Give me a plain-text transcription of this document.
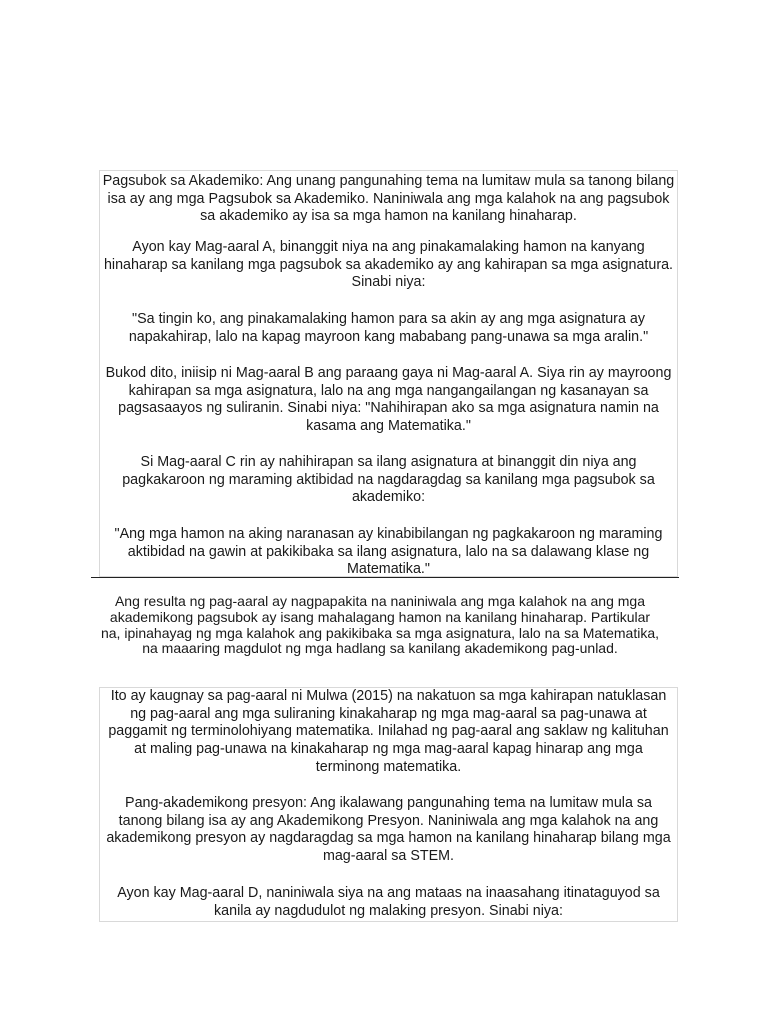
Pagsubok sa Akademiko: Ang unang pangunahing tema na lumitaw mula sa tanong bilang isa ay ang mga Pagsubok sa Akademiko. Naniniwala ang mga kalahok na ang pagsubok sa akademiko ay isa sa mga hamon na kanilang hinaharap.

Ayon kay Mag-aaral A, binanggit niya na ang pinakamalaking hamon na kanyang hinaharap sa kanilang mga pagsubok sa akademiko ay ang kahirapan sa mga asignatura. Sinabi niya:

"Sa tingin ko, ang pinakamalaking hamon para sa akin ay ang mga asignatura ay napakahirap, lalo na kapag mayroon kang mababang pang-unawa sa mga aralin."

Bukod dito, iniisip ni Mag-aaral B ang paraang gaya ni Mag-aaral A. Siya rin ay mayroong kahirapan sa mga asignatura, lalo na ang mga nangangailangan ng kasanayan sa pagsasaayos ng suliranin. Sinabi niya: "Nahihirapan ako sa mga asignatura namin na kasama ang Matematika."

Si Mag-aaral C rin ay nahihirapan sa ilang asignatura at binanggit din niya ang pagkakaroon ng maraming aktibidad na nagdaragdag sa kanilang mga pagsubok sa akademiko:

"Ang mga hamon na aking naranasan ay kinabibilangan ng pagkakaroon ng maraming aktibidad na gawin at pakikibaka sa ilang asignatura, lalo na sa dalawang klase ng Matematika."

Ang resulta ng pag-aaral ay nagpapakita na naniniwala ang mga kalahok na ang mga akademikong pagsubok ay isang mahalagang hamon na kanilang hinaharap. Partikular na, ipinahayag ng mga kalahok ang pakikibaka sa mga asignatura, lalo na sa Matematika, na maaaring magdulot ng mga hadlang sa kanilang akademikong pag-unlad.

Ito ay kaugnay sa pag-aaral ni Mulwa (2015) na nakatuon sa mga kahirapan natuklasan ng pag-aaral ang mga suliraning kinakaharap ng mga mag-aaral sa pag-unawa at paggamit ng terminolohiyang matematika. Inilahad ng pag-aaral ang saklaw ng kalituhan at maling pag-unawa na kinakaharap ng mga mag-aaral kapag hinarap ang mga terminong matematika.

Pang-akademikong presyon: Ang ikalawang pangunahing tema na lumitaw mula sa tanong bilang isa ay ang Akademikong Presyon. Naniniwala ang mga kalahok na ang akademikong presyon ay nagdaragdag sa mga hamon na kanilang hinaharap bilang mga mag-aaral sa STEM.

Ayon kay Mag-aaral D, naniniwala siya na ang mataas na inaasahang itinataguyod sa kanila ay nagdudulot ng malaking presyon. Sinabi niya:
